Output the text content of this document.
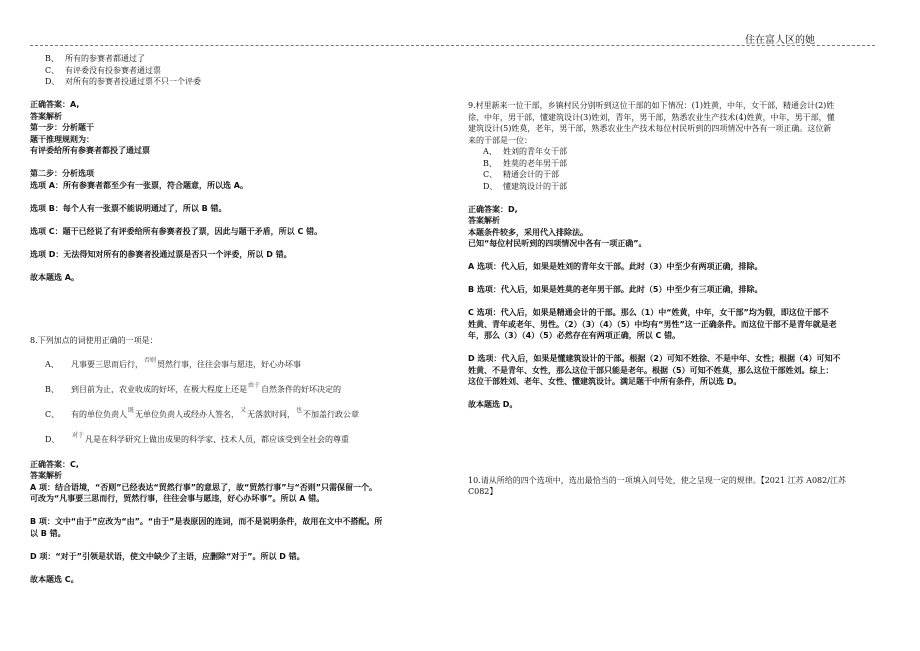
住在富人区的她
B、 所有的参赛者都通过了
C、 有评委没有投参赛者通过票
D、 对所有的参赛者投通过票不只一个评委
正确答案：A,
答案解析
第一步：分析题干
题干推理规则为：
有评委给所有参赛者都投了通过票
第二步：分析选项
选项 A：所有参赛者都至少有一张票，符合题意，所以选 A。
选项 B：每个人有一张票不能说明通过了，所以 B 错。
选项 C：题干已经说了有评委给所有参赛者投了票，因此与题干矛盾，所以 C 错。
选项 D：无法得知对所有的参赛者投通过票是否只一个评委，所以 D 错。
故本题选 A。
8.下列加点的词使用正确的一项是：
A、 凡事要三思而后行，$^{否则}$贸然行事，往往会事与愿违，好心办坏事
B、 到目前为止，农业收成的好坏，在极大程度上还是$^{由于}$自然条件的好坏决定的
C、 有的单位负责人$^既$无单位负责人或经办人签名，$^又$无落款时间，$^也$不加盖行政公章
D、 $^{对于}$凡是在科学研究上做出成果的科学家、技术人员，都应该受到全社会的尊重
正确答案：C,
答案解析
A 项：结合语境，“否则”已经表达“贸然行事”的意思了，故“贸然行事”与“否则”只需保留一个。
可改为“凡事要三思而行，贸然行事，往往会事与愿违，好心办坏事”。所以 A 错。
B 项：文中“由于”应改为“由”。“由于”是表原因的连词，而不是说明条件，故用在文中不搭配。所
以 B 错。
D 项：“对于”引领是状语，使文中缺少了主语，应删除“对于”。所以 D 错。
故本题选 C。
9.村里新来一位干部，乡镇村民分别听到这位干部的如下情况：(1)姓黄，中年，女干部，精通会计(2)姓
徐，中年，男干部，懂建筑设计(3)姓刘，青年，男干部，熟悉农业生产技术(4)姓黄，中年，男干部，懂
建筑设计(5)姓莫，老年，男干部，熟悉农业生产技术每位村民听到的四项情况中各有一项正确。这位新
来的干部是一位：
A、 姓刘的青年女干部
B、 姓莫的老年男干部
C、 精通会计的干部
D、 懂建筑设计的干部
正确答案：D,
答案解析
本题条件较多，采用代入排除法。
已知“每位村民听到的四项情况中各有一项正确”。
A 选项：代入后，如果是姓刘的青年女干部。此时（3）中至少有两项正确，排除。
B 选项：代入后，如果是姓莫的老年男干部。此时（5）中至少有三项正确，排除。
C 选项：代入后，如果是精通会计的干部。那么（1）中“姓黄，中年，女干部”均为假，即这位干部不
姓黄、青年或老年、男性。（2）（3）（4）（5）中均有“男性”这一正确条件。而这位干部不是青年就是老
年，那么（3）（4）（5）必然存在有两项正确，所以 C 错。
D 选项：代入后，如果是懂建筑设计的干部。根据（2）可知不姓徐、不是中年、女性；根据（4）可知不
姓黄、不是青年、女性，那么这位干部只能是老年。根据（5）可知不姓莫，那么这位干部姓刘。综上：
这位干部姓刘、老年、女性、懂建筑设计。满足题干中所有条件，所以选 D。
故本题选 D。
10.请从所给的四个选项中，选出最恰当的一项填入问号处，使之呈现一定的规律。【2021 江苏 A082/江苏
C082】
